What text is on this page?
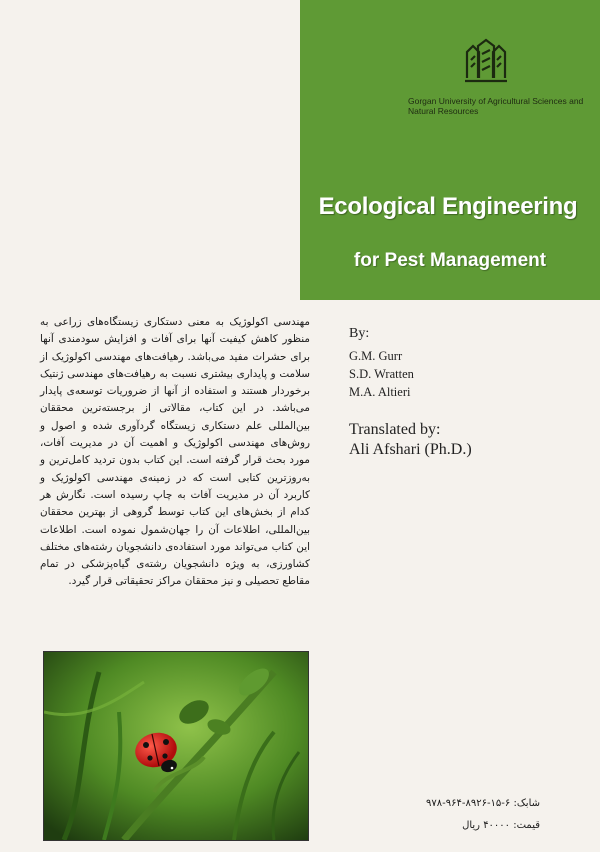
Gorgan University of Agricultural Sciences and Natural Resources
Ecological Engineering
for Pest Management
مهندسی اکولوژیک به معنی دستکاری زیستگاه‌های زراعی به منظور کاهش کیفیت آنها برای آفات و افزایش سودمندی آنها برای حشرات مفید می‌باشد. رهیافت‌های مهندسی اکولوژیک از سلامت و پایداری بیشتری نسبت به رهیافت‌های مهندسی ژنتیک برخوردار هستند و استفاده از آنها از ضروریات توسعه‌ی پایدار می‌باشد. در این کتاب، مقالاتی از برجسته‌ترین محققان بین‌المللی علم دستکاری زیستگاه گردآوری شده و اصول و روش‌های مهندسی اکولوژیک و اهمیت آن در مدیریت آفات، مورد بحث قرار گرفته است. این کتاب بدون تردید کامل‌ترین و به‌روزترین کتابی است که در زمینه‌ی مهندسی اکولوژیک و کاربرد آن در مدیریت آفات به چاپ رسیده است. نگارش هر کدام از بخش‌های این کتاب توسط گروهی از بهترین محققان بین‌المللی، اطلاعات آن را جهان‌شمول نموده است. اطلاعات این کتاب می‌تواند مورد استفاده‌ی دانشجویان رشته‌های مختلف کشاورزی، به ویژه دانشجویان رشته‌ی گیاه‌پزشکی در تمام مقاطع تحصیلی و نیز محققان مراکز تحقیقاتی قرار گیرد.
By:
G.M. Gurr
S.D. Wratten
M.A. Altieri
Translated by:
Ali Afshari (Ph.D.)
شابک: ۶-۱۵-۸۹۲۶-۹۶۴-۹۷۸
قیمت: ۴۰۰۰۰ ریال
